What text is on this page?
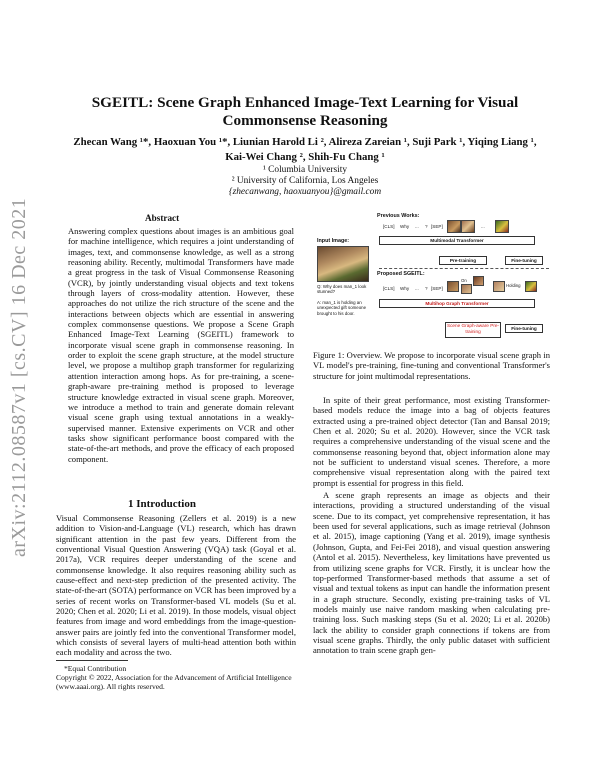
arXiv:2112.08587v1 [cs.CV] 16 Dec 2021
SGEITL: Scene Graph Enhanced Image-Text Learning for Visual Commonsense Reasoning
Zhecan Wang ¹*, Haoxuan You ¹*, Liunian Harold Li ², Alireza Zareian ¹, Suji Park ¹, Yiqing Liang ¹, Kai-Wei Chang ², Shih-Fu Chang ¹
¹ Columbia University
² University of California, Los Angeles
{zhecanwang, haoxuanyou}@gmail.com
Abstract

Answering complex questions about images is an ambitious goal for machine intelligence, which requires a joint understanding of images, text, and commonsense knowledge, as well as a strong reasoning ability. Recently, multimodal Transformers have made a great progress in the task of Visual Commonsense Reasoning (VCR), by jointly understanding visual objects and text tokens through layers of cross-modality attention. However, these approaches do not utilize the rich structure of the scene and the interactions between objects which are essential in answering complex commonsense questions. We propose a Scene Graph Enhanced Image-Text Learning (SGEITL) framework to incorporate visual scene graph in commonsense reasoning. In order to exploit the scene graph structure, at the model structure level, we propose a multihop graph transformer for regularizing attention interaction among hops. As for pre-training, a scene-graph-aware pre-training method is proposed to leverage structure knowledge extracted in visual scene graph. Moreover, we introduce a method to train and generate domain relevant visual scene graph using textual annotations in a weakly-supervised manner. Extensive experiments on VCR and other tasks show significant performance boost compared with the state-of-the-art methods, and prove the efficacy of each proposed component.

1 Introduction

Visual Commonsense Reasoning (Zellers et al. 2019) is a new addition to Vision-and-Language (VL) research, which has drawn significant attention in the past few years. Different from the conventional Visual Question Answering (VQA) task (Goyal et al. 2017a), VCR requires deeper understanding of the scene and commonsense knowledge. It also requires reasoning ability such as cause-effect and next-step prediction of the presented activity. The state-of-the-art (SOTA) performance on VCR has been improved by a series of recent works on Transformer-based VL models (Su et al. 2020; Chen et al. 2020; Li et al. 2019). In those models, visual object features from image and word embeddings from the image-question-answer pairs are jointly fed into the conventional Transformer model, which consists of several layers of multi-head attention both within each modality and across the two.

*Equal Contribution
Copyright © 2022, Association for the Advancement of Artificial Intelligence (www.aaai.org). All rights reserved.
Previous Works:
[CLS] Why ... ? [SEP]	...
Multimodal Transformer
Input Image:
Pre-training	Fine-tuning
Proposed SGEITL:
Q: Why does man_1 look stunned?
A: man_1 is holding an unexpected gift someone brought to his door.
[CLS] Why ... ? [SEP]
On
Holding
Multihop Graph Transformer
Scene Graph-aware Pre-training
Fine-tuning

Figure 1: Overview. We propose to incorporate visual scene graph in VL model's pre-training, fine-tuning and conventional Transformer's structure for joint multimodal representations.

In spite of their great performance, most existing Transformer-based models reduce the image into a bag of objects features extracted using a pre-trained object detector (Tan and Bansal 2019; Chen et al. 2020; Su et al. 2020). However, since the VCR task requires a comprehensive understanding of the visual scene and the commonsense reasoning beyond that, object information alone may not be sufficient to understand visual scenes. Therefore, a more comprehensive visual representation along with the paired text prompt is essential for progress in this field.

A scene graph represents an image as objects and their interactions, providing a structured understanding of the visual scene. Due to its compact, yet comprehensive representation, it has been used for several applications, such as image retrieval (Johnson et al. 2015), image captioning (Yang et al. 2019), image synthesis (Johnson, Gupta, and Fei-Fei 2018), and visual question answering (Antol et al. 2015). Nevertheless, key limitations have prevented us from utilizing scene graphs for VCR. Firstly, it is unclear how the top-performed Transformer-based methods that assume a set of visual and textual tokens as input can handle the information present in a graph structure. Secondly, existing pre-training tasks of VL models mainly use naive random masking when calculating pre-training loss. Such masking steps (Su et al. 2020; Li et al. 2020b) lack the ability to consider graph connections if tokens are from visual scene graphs. Thirdly, the only public dataset with sufficient annotation to train scene graph gen-
